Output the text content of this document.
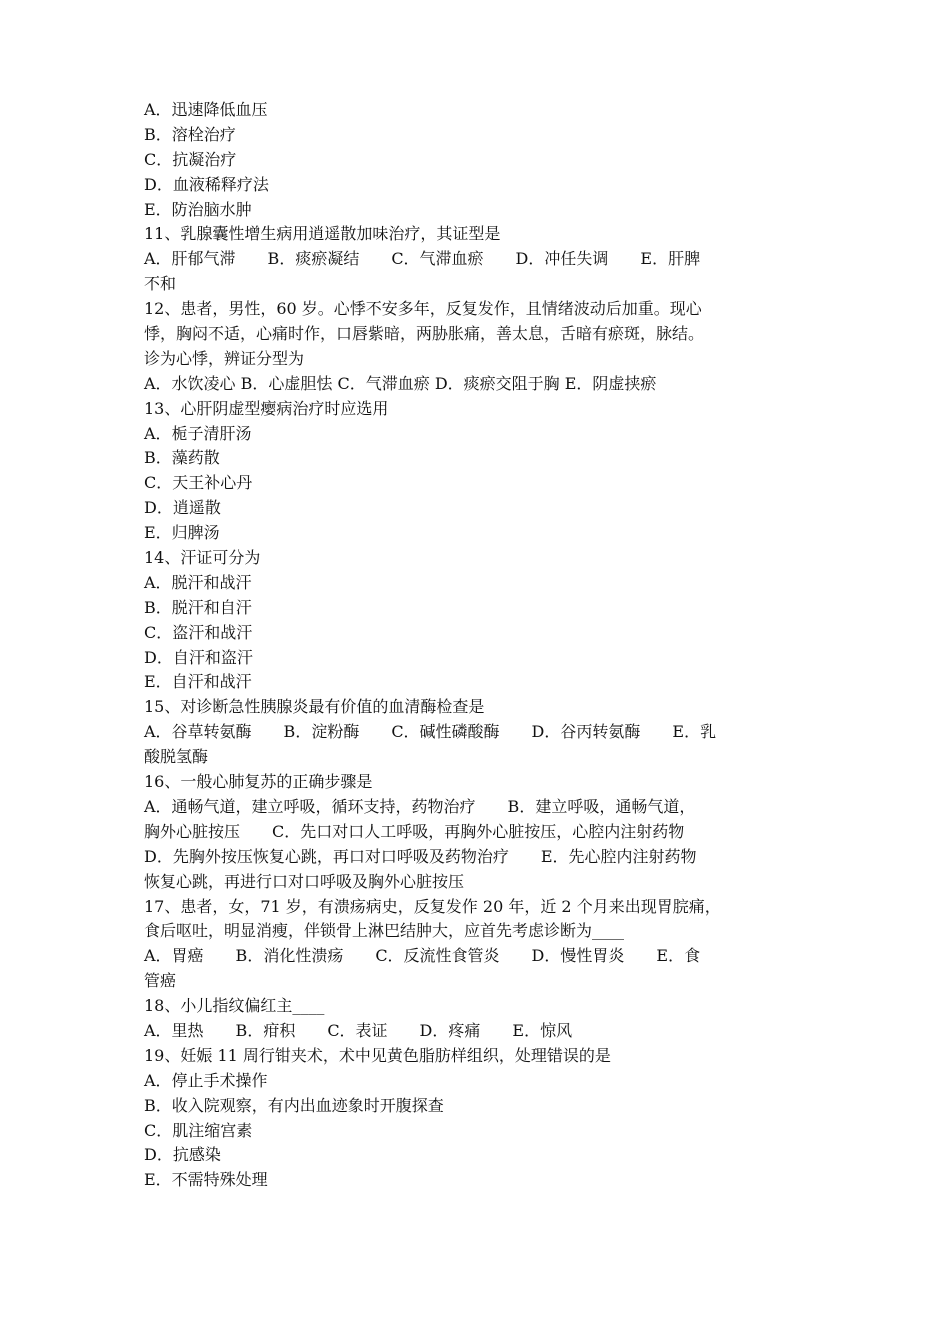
A．迅速降低血压
B．溶栓治疗
C．抗凝治疗
D．血液稀释疗法
E．防治脑水肿
11、乳腺囊性增生病用逍遥散加味治疗，其证型是
A．肝郁气滞　　B．痰瘀凝结　　C．气滞血瘀　　D．冲任失调　　E．肝脾
不和
12、患者，男性，60 岁。心悸不安多年，反复发作，且情绪波动后加重。现心
悸，胸闷不适，心痛时作，口唇紫暗，两胁胀痛，善太息，舌暗有瘀斑，脉结。
诊为心悸，辨证分型为
A．水饮凌心 B．心虚胆怯 C．气滞血瘀 D．痰瘀交阻于胸 E．阴虚挟瘀
13、心肝阴虚型瘿病治疗时应选用
A．栀子清肝汤
B．藻药散
C．天王补心丹
D．逍遥散
E．归脾汤
14、汗证可分为
A．脱汗和战汗
B．脱汗和自汗
C．盗汗和战汗
D．自汗和盗汗
E．自汗和战汗
15、对诊断急性胰腺炎最有价值的血清酶检查是
A．谷草转氨酶　　B．淀粉酶　　C．碱性磷酸酶　　D．谷丙转氨酶　　E．乳
酸脱氢酶
16、一般心肺复苏的正确步骤是
A．通畅气道，建立呼吸，循环支持，药物治疗　　B．建立呼吸，通畅气道，
胸外心脏按压　　C．先口对口人工呼吸，再胸外心脏按压，心腔内注射药物
D．先胸外按压恢复心跳，再口对口呼吸及药物治疗　　E．先心腔内注射药物
恢复心跳，再进行口对口呼吸及胸外心脏按压
17、患者，女，71 岁，有溃疡病史，反复发作 20 年，近 2 个月来出现胃脘痛，
食后呕吐，明显消瘦，伴锁骨上淋巴结肿大，应首先考虑诊断为____
A．胃癌　　B．消化性溃疡　　C．反流性食管炎　　D．慢性胃炎　　E．食
管癌
18、小儿指纹偏红主____
A．里热　　B．疳积　　C．表证　　D．疼痛　　E．惊风
19、妊娠 11 周行钳夹术，术中见黄色脂肪样组织，处理错误的是
A．停止手术操作
B．收入院观察，有内出血迹象时开腹探查
C．肌注缩宫素
D．抗感染
E．不需特殊处理
